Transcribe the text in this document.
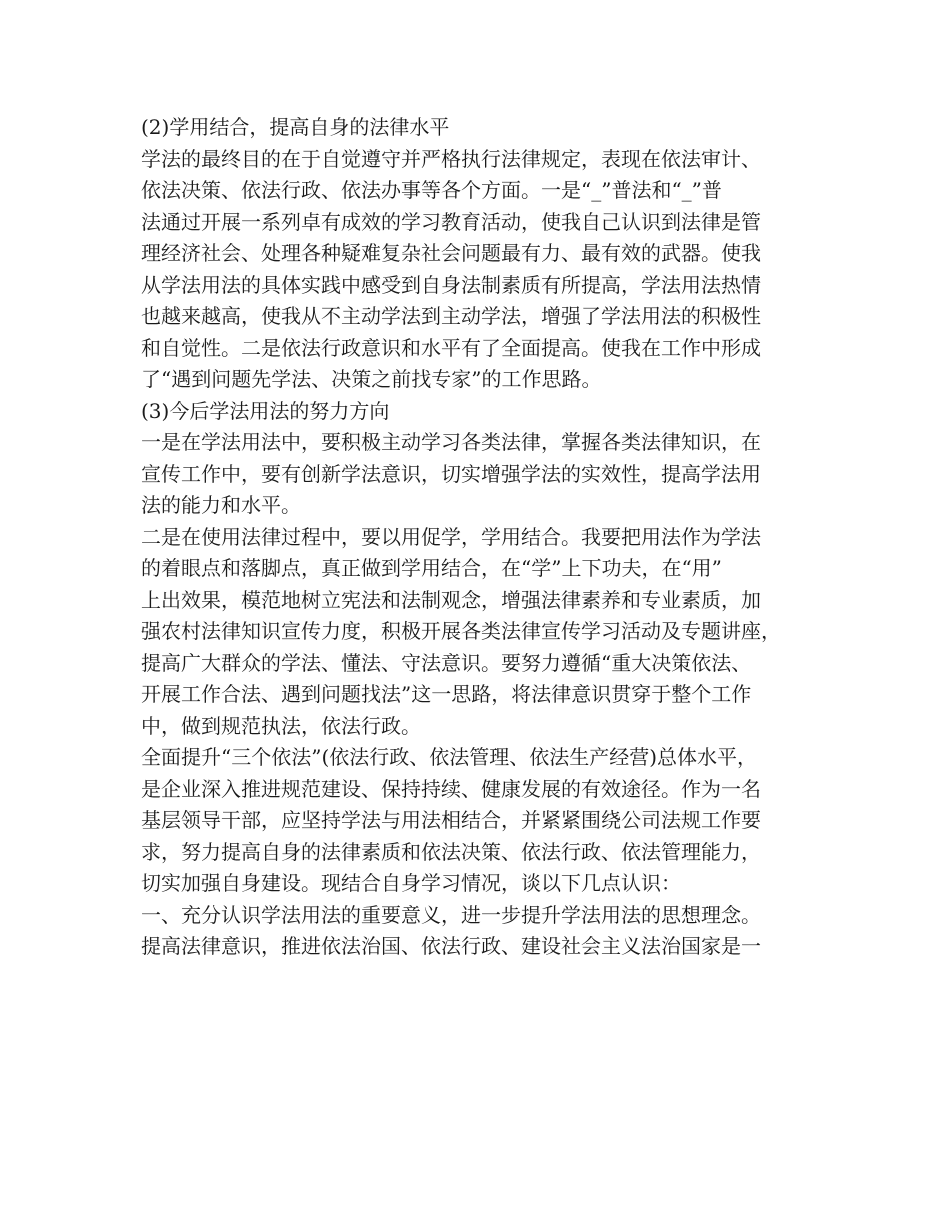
(2)学用结合，提高自身的法律水平
学法的最终目的在于自觉遵守并严格执行法律规定，表现在依法审计、
依法决策、依法行政、依法办事等各个方面。一是“_”普法和“_”普
法通过开展一系列卓有成效的学习教育活动，使我自己认识到法律是管
理经济社会、处理各种疑难复杂社会问题最有力、最有效的武器。使我
从学法用法的具体实践中感受到自身法制素质有所提高，学法用法热情
也越来越高，使我从不主动学法到主动学法，增强了学法用法的积极性
和自觉性。二是依法行政意识和水平有了全面提高。使我在工作中形成
了“遇到问题先学法、决策之前找专家”的工作思路。
(3)今后学法用法的努力方向
一是在学法用法中，要积极主动学习各类法律，掌握各类法律知识，在
宣传工作中，要有创新学法意识，切实增强学法的实效性，提高学法用
法的能力和水平。
二是在使用法律过程中，要以用促学，学用结合。我要把用法作为学法
的着眼点和落脚点，真正做到学用结合，在“学”上下功夫，在“用”
上出效果，模范地树立宪法和法制观念，增强法律素养和专业素质，加
强农村法律知识宣传力度，积极开展各类法律宣传学习活动及专题讲座，
提高广大群众的学法、懂法、守法意识。要努力遵循“重大决策依法、
开展工作合法、遇到问题找法”这一思路，将法律意识贯穿于整个工作
中，做到规范执法，依法行政。
全面提升“三个依法”(依法行政、依法管理、依法生产经营)总体水平，
是企业深入推进规范建设、保持持续、健康发展的有效途径。作为一名
基层领导干部，应坚持学法与用法相结合，并紧紧围绕公司法规工作要
求，努力提高自身的法律素质和依法决策、依法行政、依法管理能力，
切实加强自身建设。现结合自身学习情况，谈以下几点认识：
一、充分认识学法用法的重要意义，进一步提升学法用法的思想理念。
提高法律意识，推进依法治国、依法行政、建设社会主义法治国家是一
